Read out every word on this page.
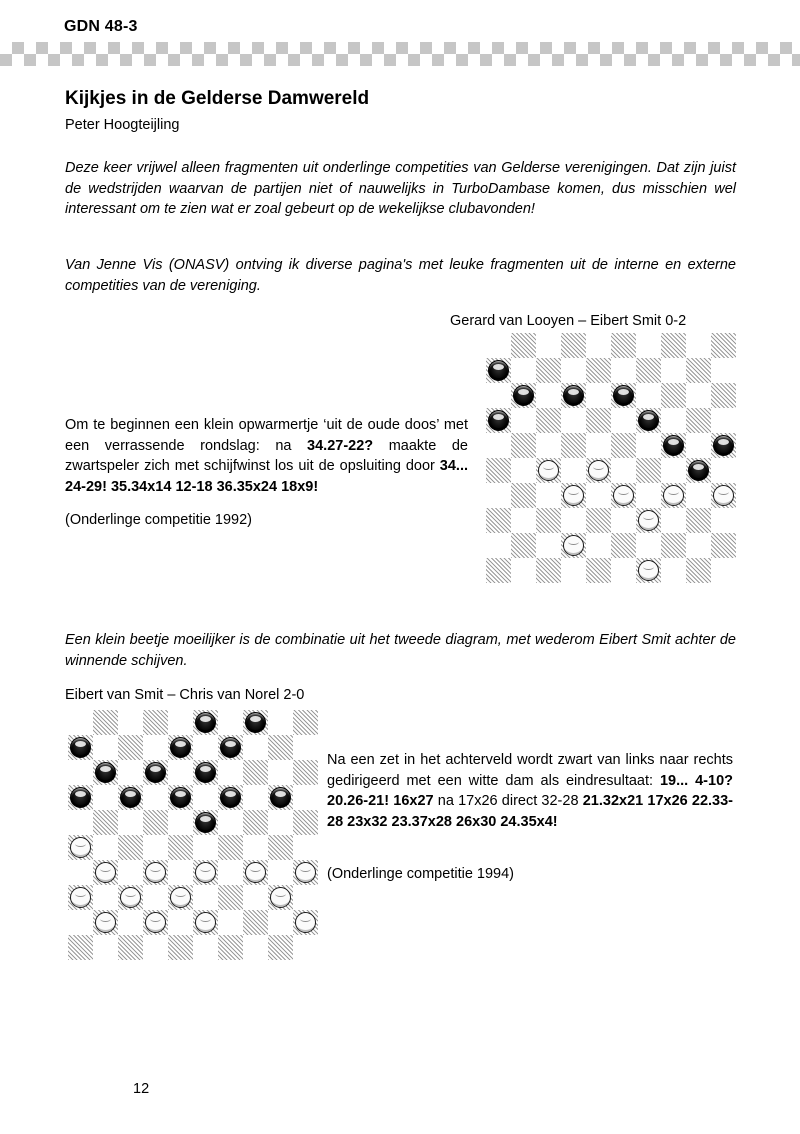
GDN 48-3
Kijkjes in de Gelderse Damwereld
Peter Hoogteijling
Deze keer vrijwel alleen fragmenten uit onderlinge competities van Gelderse verenigingen. Dat zijn juist de wedstrijden waarvan de partijen niet of nauwelijks in TurboDambase komen, dus misschien wel interessant om te zien wat er zoal gebeurt op de wekelijkse clubavonden!
Van Jenne Vis (ONASV) ontving ik diverse pagina's met leuke fragmenten uit de interne en externe competities van de vereniging.
Gerard van Looyen – Eibert Smit 0-2
Om te beginnen een klein opwarmertje ‘uit de oude doos’ met een verrassende rondslag: na 34.27-22? maakte de zwartspeler zich met schijfwinst los uit de opsluiting door 34... 24-29! 35.34x14 12-18 36.35x24 18x9!
(Onderlinge competitie 1992)
Een klein beetje moeilijker is de combinatie uit het tweede diagram, met wederom Eibert Smit achter de winnende schijven.
Eibert van Smit – Chris van Norel 2-0
Na een zet in het achterveld wordt zwart van links naar rechts gedirigeerd met een witte dam als eindresultaat: 19... 4-10? 20.26-21! 16x27 na 17x26 direct 32-28 21.32x21 17x26 22.33-28 23x32 23.37x28 26x30 24.35x4!
(Onderlinge competitie 1994)
12
